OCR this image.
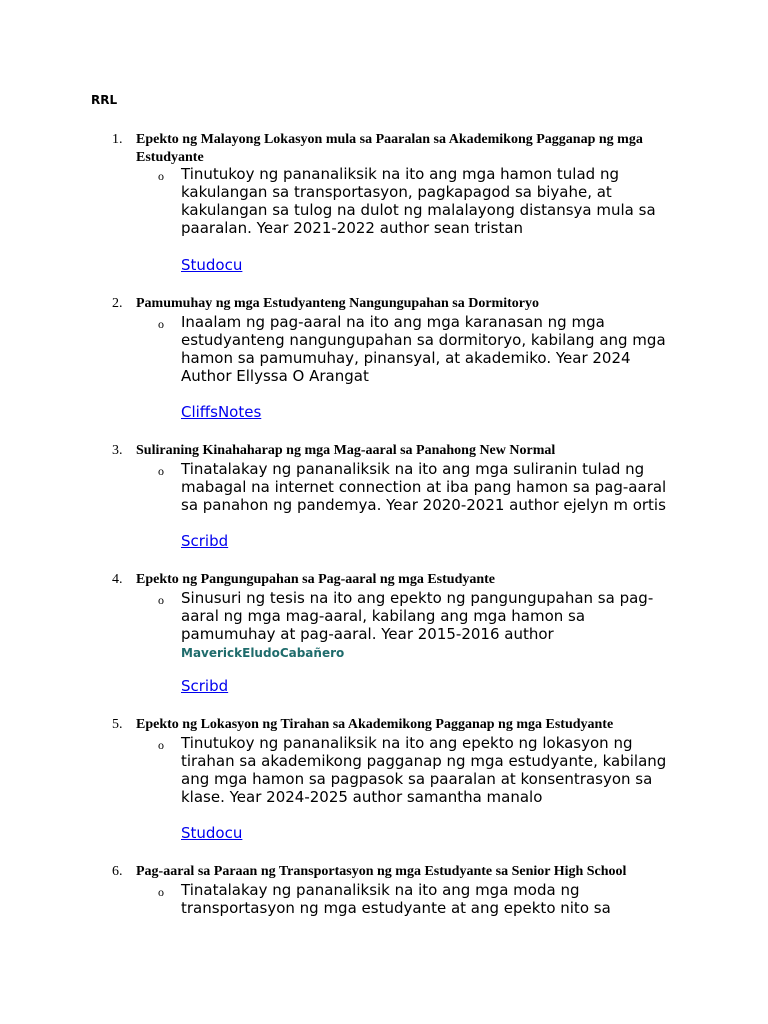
RRL
1. Epekto ng Malayong Lokasyon mula sa Paaralan sa Akademikong Pagganap ng mga Estudyante
o Tinutukoy ng pananaliksik na ito ang mga hamon tulad ng kakulangan sa transportasyon, pagkapagod sa biyahe, at kakulangan sa tulog na dulot ng malalayong distansya mula sa paaralan. Year 2021-2022 author sean tristan

Studocu
2. Pamumuhay ng mga Estudyanteng Nangungupahan sa Dormitoryo
o Inaalam ng pag-aaral na ito ang mga karanasan ng mga estudyanteng nangungupahan sa dormitoryo, kabilang ang mga hamon sa pamumuhay, pinansyal, at akademiko. Year 2024 Author Ellyssa O Arangat

CliffsNotes
3. Suliraning Kinahaharap ng mga Mag-aaral sa Panahong New Normal
o Tinatalakay ng pananaliksik na ito ang mga suliranin tulad ng mabagal na internet connection at iba pang hamon sa pag-aaral sa panahon ng pandemya. Year 2020-2021 author ejelyn m ortis

Scribd
4. Epekto ng Pangungupahan sa Pag-aaral ng mga Estudyante
o Sinusuri ng tesis na ito ang epekto ng pangungupahan sa pag-aaral ng mga mag-aaral, kabilang ang mga hamon sa pamumuhay at pag-aaral. Year 2015-2016 author
MaverickEludoCabañero

Scribd
5. Epekto ng Lokasyon ng Tirahan sa Akademikong Pagganap ng mga Estudyante
o Tinutukoy ng pananaliksik na ito ang epekto ng lokasyon ng tirahan sa akademikong pagganap ng mga estudyante, kabilang ang mga hamon sa pagpasok sa paaralan at konsentrasyon sa klase. Year 2024-2025 author samantha manalo

Studocu
6. Pag-aaral sa Paraan ng Transportasyon ng mga Estudyante sa Senior High School
o Tinatalakay ng pananaliksik na ito ang mga moda ng transportasyon ng mga estudyante at ang epekto nito sa
